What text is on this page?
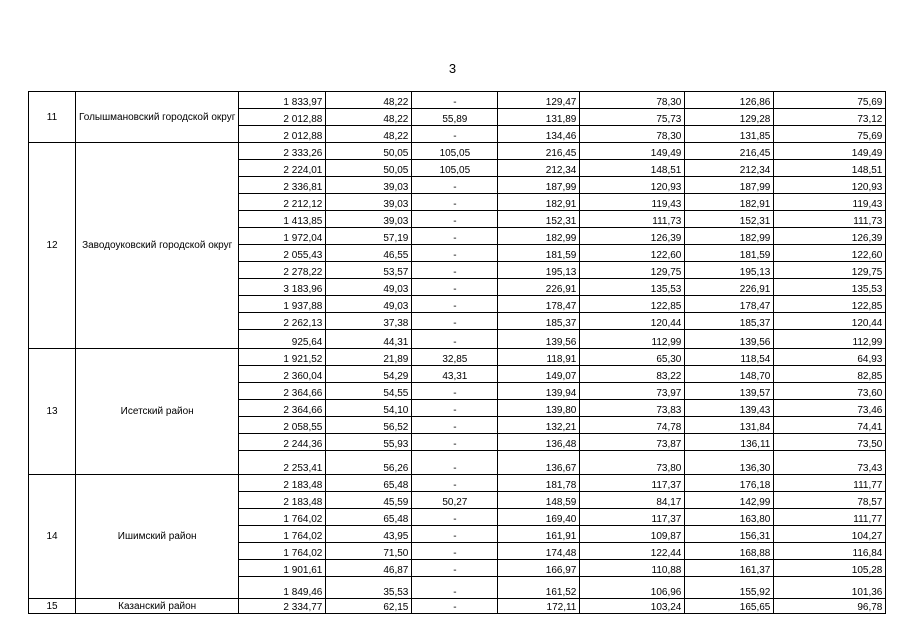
3
11	Голышмановский городской округ	1 833,97	48,22	-	129,47	78,30	126,86	75,69
		2 012,88	48,22	55,89	131,89	75,73	129,28	73,12
		2 012,88	48,22	-	134,46	78,30	131,85	75,69
12	Заводоуковский городской округ	2 333,26	50,05	105,05	216,45	149,49	216,45	149,49
		2 224,01	50,05	105,05	212,34	148,51	212,34	148,51
		2 336,81	39,03	-	187,99	120,93	187,99	120,93
		2 212,12	39,03	-	182,91	119,43	182,91	119,43
		1 413,85	39,03	-	152,31	111,73	152,31	111,73
		1 972,04	57,19	-	182,99	126,39	182,99	126,39
		2 055,43	46,55	-	181,59	122,60	181,59	122,60
		2 278,22	53,57	-	195,13	129,75	195,13	129,75
		3 183,96	49,03	-	226,91	135,53	226,91	135,53
		1 937,88	49,03	-	178,47	122,85	178,47	122,85
		2 262,13	37,38	-	185,37	120,44	185,37	120,44
		925,64	44,31	-	139,56	112,99	139,56	112,99
13	Исетский район	1 921,52	21,89	32,85	118,91	65,30	118,54	64,93
		2 360,04	54,29	43,31	149,07	83,22	148,70	82,85
		2 364,66	54,55	-	139,94	73,97	139,57	73,60
		2 364,66	54,10	-	139,80	73,83	139,43	73,46
		2 058,55	56,52	-	132,21	74,78	131,84	74,41
		2 244,36	55,93	-	136,48	73,87	136,11	73,50
		2 253,41	56,26	-	136,67	73,80	136,30	73,43
14	Ишимский район	2 183,48	65,48	-	181,78	117,37	176,18	111,77
		2 183,48	45,59	50,27	148,59	84,17	142,99	78,57
		1 764,02	65,48	-	169,40	117,37	163,80	111,77
		1 764,02	43,95	-	161,91	109,87	156,31	104,27
		1 764,02	71,50	-	174,48	122,44	168,88	116,84
		1 901,61	46,87	-	166,97	110,88	161,37	105,28
		1 849,46	35,53	-	161,52	106,96	155,92	101,36
15	Казанский район	2 334,77	62,15	-	172,11	103,24	165,65	96,78
